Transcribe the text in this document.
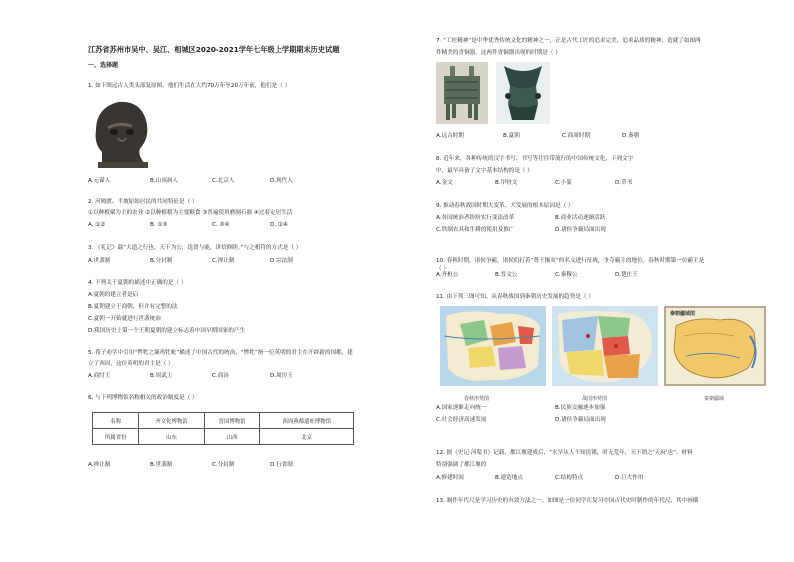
江苏省苏州市吴中、吴江、相城区2020-2021学年七年级上学期期末历史试题
一、选择题
1. 如下图远古人类头部复原图，他们生活在大约70万年至20万年前，他们是（ ）
A.元谋人	B.山顶洞人	C.北京人	D.现代人
2. 河姆渡、半坡原始居民的共同特征是（ ）
①以种植粟为主的农业 ②以种植稻为主要粮食 ③普遍使用磨制石器 ④过着定居生活
A. ①②	B. ①③	C. ③④	D. ②④
3. 《礼记》载“大道之行也，天下为公，选贤与能，讲信修睦。”与之相符的方式是（ ）
A.世袭制	B.分封制	C.禅让制	D.宗法制
4. 下列关于夏朝的描述中正确的是（ ）
A.夏朝的建立者是启
B.夏朝建立于商朝，但并有完整的法
C.夏朝一开始就进行世袭统治
D.我国历史上第一个王朝夏朝的建立标志着中国早期国家的产生
5. 荀子劝学中引用“辔牝之臻鸡牝帐”描述了中国古代的统治，“辔牝”指一位英明的君主在开辟新的国都，建
立了西周，这位英明的君主是（ ）
A.商纣王	B.周武王	C.商汤	D.周厉王
6. 与下列博物馆名称相关的政治制度是（ ）
名称	齐文化博物馆	晋国博物馆	西周燕都遗址博物馆
所属省份	山东	山西	北京
A.禅让制	B.世袭制	C.分封制	D.行省制
7. “工匠精神”是中华优秀传统文化的精神之一，正是古代工匠的追求完美，追求品质的精神，造就了如图两
件精美的青铜器。这两件青铜器出现的时期是（ ）
A.远古时期	B.夏朝	C.商周时期	D.秦朝
8. 近年来，各种传统的汉字书写、书写等往往带流行的中国传统文化，下列文字
中，最早具备了文字基本结构的是（ ）
A.金文	B.甲骨文	C.小篆	D.草书
9. 推动春秋战国时期大变革、大发展的根本原因是（ ）
A.各国统治者纷纷实行变法改革	B.商业活动逐渐活跃
C.铁制农具和牛耕的使用及推广	D.诸侯争霸局面出现
10. 春秋时期，诸侯争霸，诸侯们打着“尊王攘夷”的名义进行征战，争夺霸主的地位。春秋时期第一位霸主是
（ ）
A.齐桓公	B.晋文公	C.秦穆公	D.楚庄王
11. 由下列三图可知，从春秋战国到秦朝历史发展的趋势是（ ）
秦朝疆域图
春秋形势图	战国形势图	秦朝疆域
A.国家逐渐走向统一	B.民族交融逐步加强
C.社会经济高速发展	D.诸侯争霸局面出现
12. 据《史记·河渠书》记载，都江堰建成后，“水旱从人不知饥馑，时无荒年，天下谓之‘天府’也”。材料
特别强调了都江堰的
A.修建时间	B.建造地点	C.结构特点	D.巨大作用
13. 制作年代尺是学习历史的有效方法之一。如图是一位同学在复习中国古代史时制作的年代尺，其中画横
